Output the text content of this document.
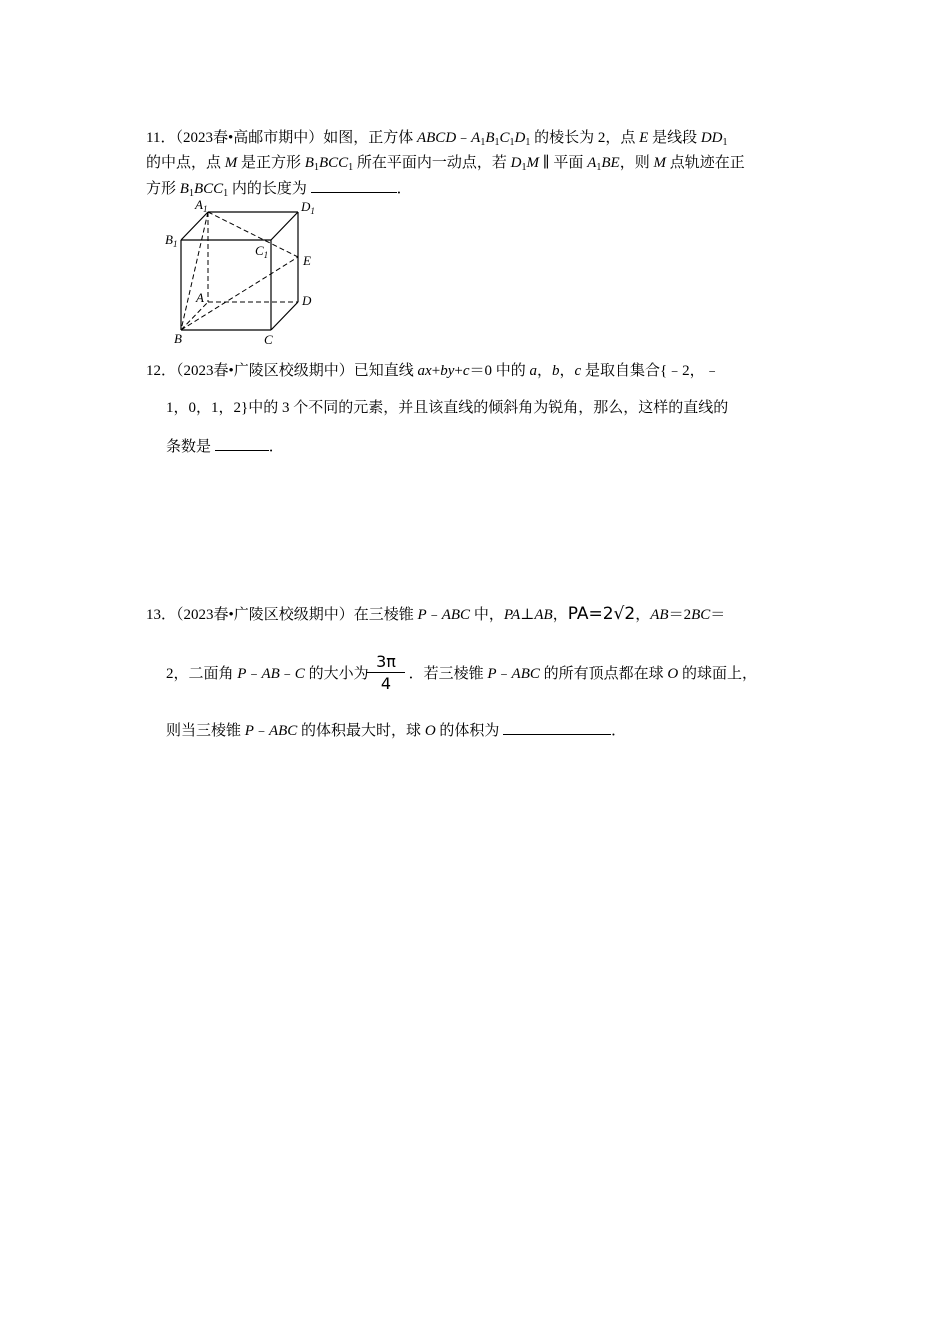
11．（2023春•高邮市期中）如图，正方体 $ABCD﹣A_1B_1C_1D_1$ 的棱长为 2，点 E 是线段 $DD_1$
的中点，点 M 是正方形 $B_1BCC_1$ 所在平面内一动点，若 $D_1M$ ∥ 平面 $A_1BE$，则 M 点轨迹在正
方形 $B_1BCC_1$ 内的长度为	．
$A_1$	$D_1$
$B_1$	$C_1$	E
A	D
B	C
12．（2023春•广陵区校级期中）已知直线 ax+by+c＝0 中的 a，b，c 是取自集合{﹣2，﹣
1，0，1，2}中的 3 个不同的元素，并且该直线的倾斜角为锐角，那么，这样的直线的
条数是	．
13．（2023春•广陵区校级期中）在三棱锥 P﹣ABC 中，PA⊥AB，PA=2√2，AB＝2BC＝
2，二面角 P﹣AB﹣C 的大小为	．若三棱锥 P﹣ABC 的所有顶点都在球 O 的球面上，
$\frac{3\pi}{4}$
则当三棱锥 P﹣ABC 的体积最大时，球 O 的体积为	．
